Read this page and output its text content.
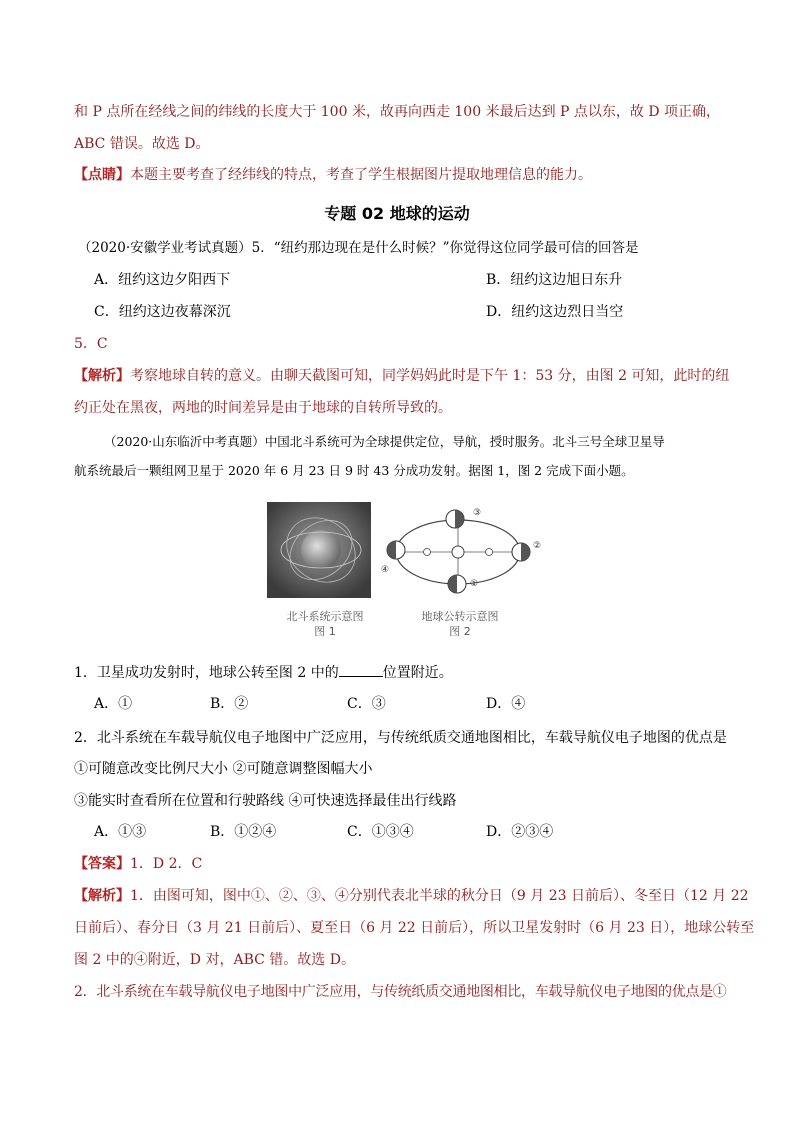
和 P 点所在经线之间的纬线的长度大于 100 米，故再向西走 100 米最后达到 P 点以东，故 D 项正确，
ABC 错误。故选 D。
【点睛】本题主要考查了经纬线的特点，考查了学生根据图片提取地理信息的能力。
专题 02 地球的运动
（2020·安徽学业考试真题）5．“纽约那边现在是什么时候？”你觉得这位同学最可信的回答是
A．纽约这边夕阳西下	B．纽约这边旭日东升
C．纽约这边夜幕深沉	D．纽约这边烈日当空
5．C
【解析】考察地球自转的意义。由聊天截图可知，同学妈妈此时是下午 1：53 分，由图 2 可知，此时的纽
约正处在黑夜，两地的时间差异是由于地球的自转所导致的。
（2020·山东临沂中考真题）中国北斗系统可为全球提供定位，导航，授时服务。北斗三号全球卫星导
航系统最后一颗组网卫星于 2020 年 6 月 23 日 9 时 43 分成功发射。据图 1，图 2 完成下面小题。
③
②
①
④
北斗系统示意图
图 1
地球公转示意图
图 2
1．卫星成功发射时，地球公转至图 2 中的	位置附近。
A．①	B．②	C．③	D．④
2．北斗系统在车载导航仪电子地图中广泛应用，与传统纸质交通地图相比，车载导航仪电子地图的优点是
①可随意改变比例尺大小 ②可随意调整图幅大小
③能实时查看所在位置和行驶路线 ④可快速选择最佳出行线路
A．①③	B．①②④	C．①③④	D．②③④
【答案】1．D 2．C
【解析】1．由图可知，图中①、②、③、④分别代表北半球的秋分日（9 月 23 日前后）、冬至日（12 月 22
日前后）、春分日（3 月 21 日前后）、夏至日（6 月 22 日前后），所以卫星发射时（6 月 23 日），地球公转至
图 2 中的④附近，D 对，ABC 错。故选 D。
2．北斗系统在车载导航仪电子地图中广泛应用，与传统纸质交通地图相比，车载导航仪电子地图的优点是①
